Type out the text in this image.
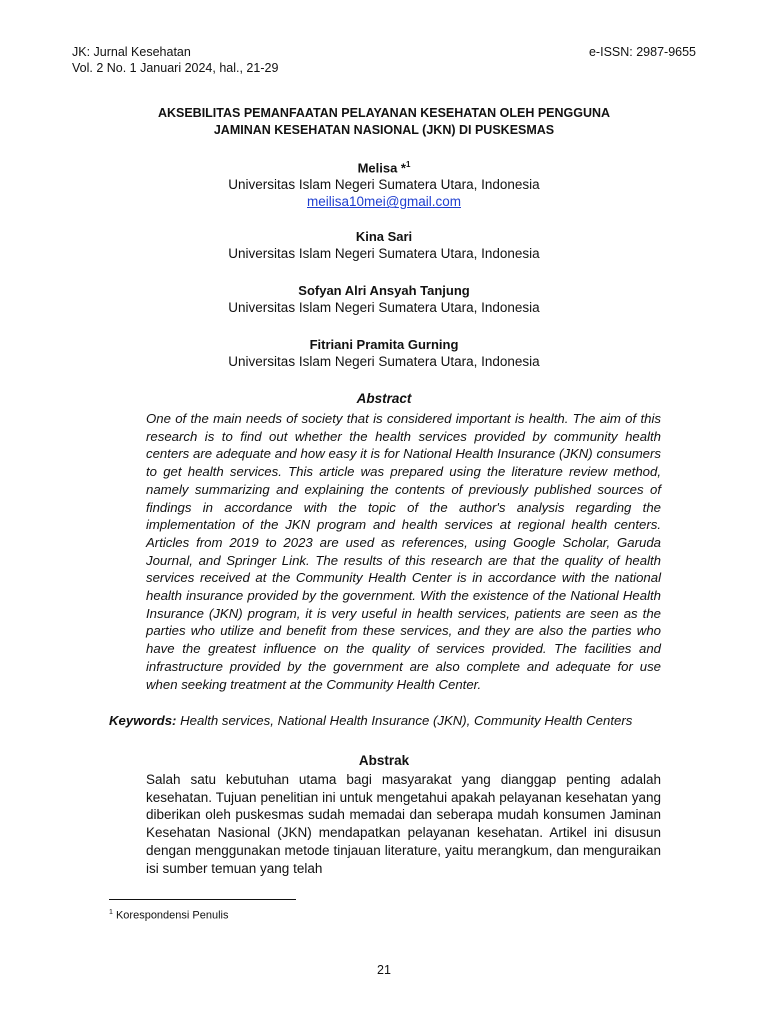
JK: Jurnal Kesehatan
Vol. 2 No. 1 Januari 2024, hal., 21-29
e-ISSN: 2987-9655
AKSEBILITAS PEMANFAATAN PELAYANAN KESEHATAN OLEH PENGGUNA
JAMINAN KESEHATAN NASIONAL (JKN) DI PUSKESMAS
Melisa *$^1$
Universitas Islam Negeri Sumatera Utara, Indonesia
meilisa10mei@gmail.com
Kina Sari
Universitas Islam Negeri Sumatera Utara, Indonesia
Sofyan Alri Ansyah Tanjung
Universitas Islam Negeri Sumatera Utara, Indonesia
Fitriani Pramita Gurning
Universitas Islam Negeri Sumatera Utara, Indonesia
Abstract
One of the main needs of society that is considered important is health. The aim of this research is to find out whether the health services provided by community health centers are adequate and how easy it is for National Health Insurance (JKN) consumers to get health services. This article was prepared using the literature review method, namely summarizing and explaining the contents of previously published sources of findings in accordance with the topic of the author's analysis regarding the implementation of the JKN program and health services at regional health centers. Articles from 2019 to 2023 are used as references, using Google Scholar, Garuda Journal, and Springer Link. The results of this research are that the quality of health services received at the Community Health Center is in accordance with the national health insurance provided by the government. With the existence of the National Health Insurance (JKN) program, it is very useful in health services, patients are seen as the parties who utilize and benefit from these services, and they are also the parties who have the greatest influence on the quality of services provided. The facilities and infrastructure provided by the government are also complete and adequate for use when seeking treatment at the Community Health Center.
Keywords: Health services, National Health Insurance (JKN), Community Health Centers
Abstrak
Salah satu kebutuhan utama bagi masyarakat yang dianggap penting adalah kesehatan. Tujuan penelitian ini untuk mengetahui apakah pelayanan kesehatan yang diberikan oleh puskesmas sudah memadai dan seberapa mudah konsumen Jaminan Kesehatan Nasional (JKN) mendapatkan pelayanan kesehatan. Artikel ini disusun dengan menggunakan metode tinjauan literature, yaitu merangkum, dan menguraikan isi sumber temuan yang telah
$^1$ Korespondensi Penulis
21
